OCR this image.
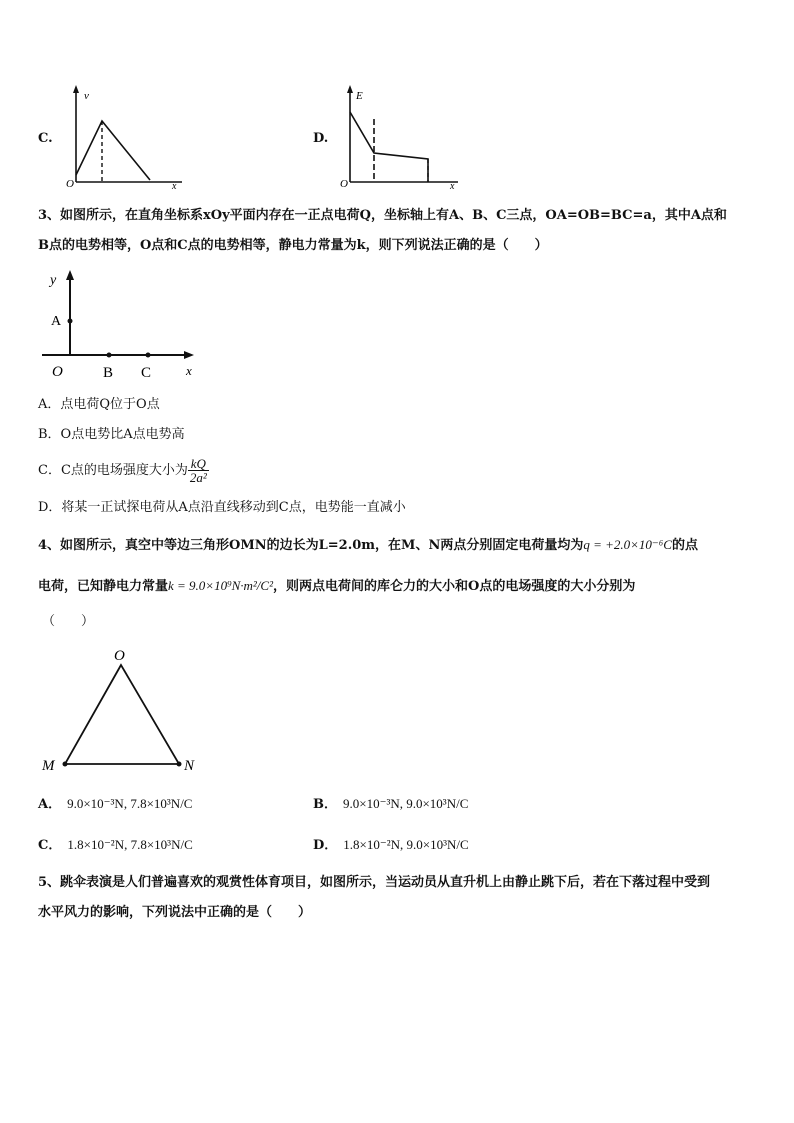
C.
v
O	x
D.
E
O	x
3、如图所示，在直角坐标系xOy平面内存在一正点电荷Q，坐标轴上有A、B、C三点，OA=OB=BC=a，其中A点和
B点的电势相等，O点和C点的电势相等，静电力常量为k，则下列说法正确的是（　　）
y
A
O	B C	x
A．点电荷Q位于O点
B．O点电势比A点电势高
C．C点的电场强度大小为 $\frac{kQ}{\text{2a²}}$
D．将某一正试探电荷从A点沿直线移动到C点，电势能一直减小
4、如图所示，真空中等边三角形OMN的边长为L=2.0m，在M、N两点分别固定电荷量均为q = +2.0×10⁻⁶C的点
电荷，已知静电力常量k = 9.0×10⁹N·m²/C²，则两点电荷间的库仑力的大小和O点的电场强度的大小分别为
（　　）
O
M	N
A． 9.0×10⁻³N, 7.8×10³N/C	B． 9.0×10⁻³N, 9.0×10³N/C
C． 1.8×10⁻²N, 7.8×10³N/C	D． 1.8×10⁻²N, 9.0×10³N/C
5、跳伞表演是人们普遍喜欢的观赏性体育项目，如图所示，当运动员从直升机上由静止跳下后，若在下落过程中受到
水平风力的影响，下列说法中正确的是（　　）
